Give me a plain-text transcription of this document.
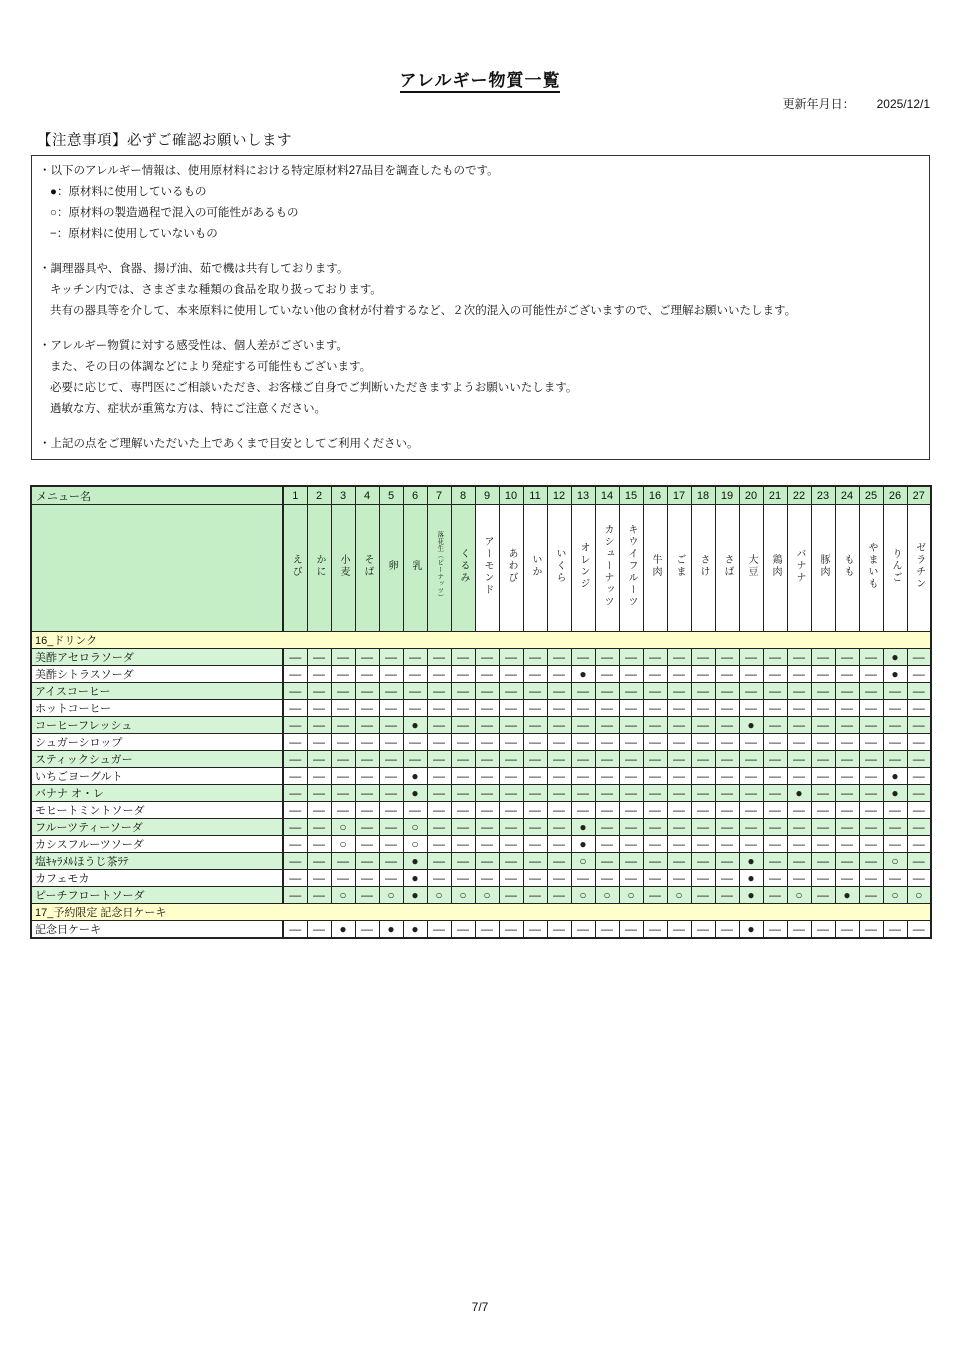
アレルギー物質一覧
更新年月日： 2025/12/1
【注意事項】必ずご確認お願いします
・以下のアレルギー情報は、使用原材料における特定原材料27品目を調査したものです。
●：原材料に使用しているもの
○：原材料の製造過程で混入の可能性があるもの
−：原材料に使用していないもの
・調理器具や、食器、揚げ油、茹で機は共有しております。
キッチン内では、さまざまな種類の食品を取り扱っております。
共有の器具等を介して、本来原料に使用していない他の食材が付着するなど、２次的混入の可能性がございますので、ご理解お願いいたします。
・アレルギー物質に対する感受性は、個人差がございます。
また、その日の体調などにより発症する可能性もございます。
必要に応じて、専門医にご相談いただき、お客様ご自身でご判断いただきますようお願いいたします。
過敏な方、症状が重篤な方は、特にご注意ください。
・上記の点をご理解いただいた上であくまで目安としてご利用ください。
メニュー名	1	2	3	4	5	6	7	8	9	10	11	12	13	14	15	16	17	18	19	20	21	22	23	24	25	26	27
	えび	かに	小麦	そば	卵	乳	落花生（ピーナッツ）	くるみ	アーモンド	あわび	いか	いくら	オレンジ	カシューナッツ	キウイフルーツ	牛肉	ごま	さけ	さば	大豆	鶏肉	バナナ	豚肉	もも	やまいも	りんご	ゼラチン
16_ドリンク																											
美酢アセロラソーダ	—	—	—	—	—	—	—	—	—	—	—	—	—	—	—	—	—	—	—	—	—	—	—	—	—	●	—
美酢シトラスソーダ	—	—	—	—	—	—	—	—	—	—	—	—	●	—	—	—	—	—	—	—	—	—	—	—	—	●	—
アイスコーヒー	—	—	—	—	—	—	—	—	—	—	—	—	—	—	—	—	—	—	—	—	—	—	—	—	—	—	—
ホットコーヒー	—	—	—	—	—	—	—	—	—	—	—	—	—	—	—	—	—	—	—	—	—	—	—	—	—	—	—
コーヒーフレッシュ	—	—	—	—	—	●	—	—	—	—	—	—	—	—	—	—	—	—	—	●	—	—	—	—	—	—	—
シュガーシロップ	—	—	—	—	—	—	—	—	—	—	—	—	—	—	—	—	—	—	—	—	—	—	—	—	—	—	—
スティックシュガー	—	—	—	—	—	—	—	—	—	—	—	—	—	—	—	—	—	—	—	—	—	—	—	—	—	—	—
いちごヨーグルト	—	—	—	—	—	●	—	—	—	—	—	—	—	—	—	—	—	—	—	—	—	—	—	—	—	●	—
バナナ オ・レ	—	—	—	—	—	●	—	—	—	—	—	—	—	—	—	—	—	—	—	—	—	●	—	—	—	●	—
モヒートミントソーダ	—	—	—	—	—	—	—	—	—	—	—	—	—	—	—	—	—	—	—	—	—	—	—	—	—	—	—
フルーツティーソーダ	—	—	○	—	—	○	—	—	—	—	—	—	●	—	—	—	—	—	—	—	—	—	—	—	—	—	—
カシスフルーツソーダ	—	—	○	—	—	○	—	—	—	—	—	—	●	—	—	—	—	—	—	—	—	—	—	—	—	—	—
塩ｷｬﾗﾒﾙほうじ茶ﾗﾃ	—	—	—	—	—	●	—	—	—	—	—	—	○	—	—	—	—	—	—	●	—	—	—	—	—	○	—
カフェモカ	—	—	—	—	—	●	—	—	—	—	—	—	—	—	—	—	—	—	—	●	—	—	—	—	—	—	—
ピーチフロートソーダ	—	—	○	—	○	●	○	○	○	—	—	—	○	○	○	—	○	—	—	●	—	○	—	●	—	○	○
17_予約限定 記念日ケーキ																											
記念日ケーキ	—	—	●	—	●	●	—	—	—	—	—	—	—	—	—	—	—	—	—	●	—	—	—	—	—	—	—
7/7
